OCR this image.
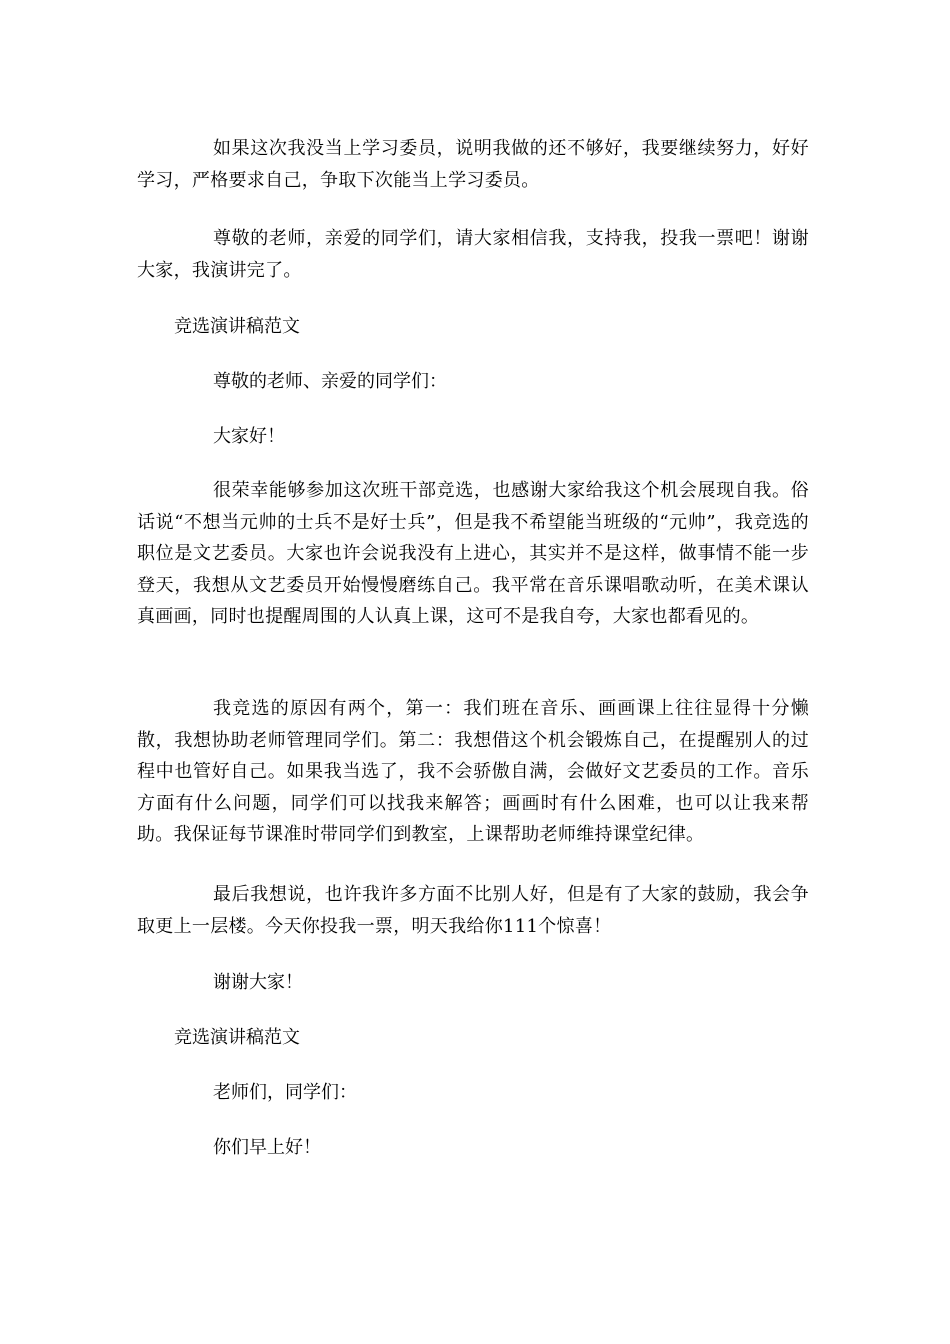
如果这次我没当上学习委员，说明我做的还不够好，我要继续努力，好好学习，严格要求自己，争取下次能当上学习委员。

尊敬的老师，亲爱的同学们，请大家相信我，支持我，投我一票吧！谢谢大家，我演讲完了。

竞选演讲稿范文

尊敬的老师、亲爱的同学们：

大家好！

很荣幸能够参加这次班干部竞选，也感谢大家给我这个机会展现自我。俗话说“不想当元帅的士兵不是好士兵”，但是我不希望能当班级的“元帅”，我竞选的职位是文艺委员。大家也许会说我没有上进心，其实并不是这样，做事情不能一步登天，我想从文艺委员开始慢慢磨练自己。我平常在音乐课唱歌动听，在美术课认真画画，同时也提醒周围的人认真上课，这可不是我自夸，大家也都看见的。

我竞选的原因有两个，第一：我们班在音乐、画画课上往往显得十分懒散，我想协助老师管理同学们。第二：我想借这个机会锻炼自己，在提醒别人的过程中也管好自己。如果我当选了，我不会骄傲自满，会做好文艺委员的工作。音乐方面有什么问题，同学们可以找我来解答；画画时有什么困难，也可以让我来帮助。我保证每节课准时带同学们到教室，上课帮助老师维持课堂纪律。

最后我想说，也许我许多方面不比别人好，但是有了大家的鼓励，我会争取更上一层楼。今天你投我一票，明天我给你111个惊喜！

谢谢大家！

竞选演讲稿范文

老师们，同学们：

你们早上好！
